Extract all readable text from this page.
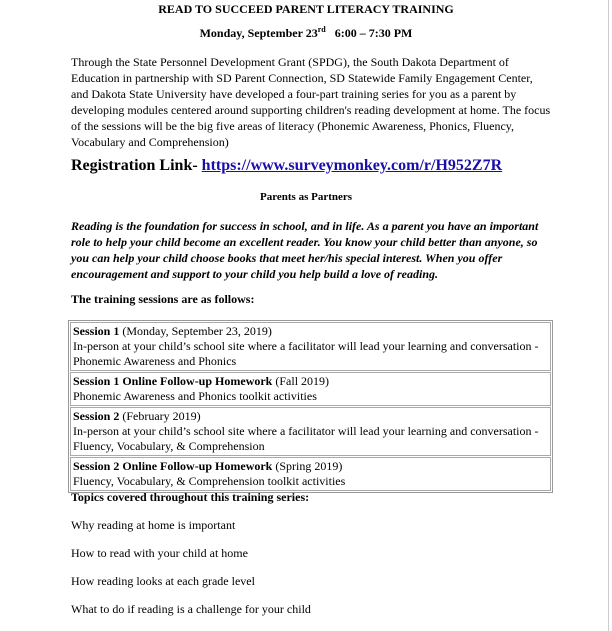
READ TO SUCCEED PARENT LITERACY TRAINING
Monday, September 23rd 6:00 – 7:30 PM
Through the State Personnel Development Grant (SPDG), the South Dakota Department of Education in partnership with SD Parent Connection, SD Statewide Family Engagement Center, and Dakota State University have developed a four-part training series for you as a parent by developing modules centered around supporting children's reading development at home. The focus of the sessions will be the big five areas of literacy (Phonemic Awareness, Phonics, Fluency, Vocabulary and Comprehension)
Registration Link- https://www.surveymonkey.com/r/H952Z7R
Parents as Partners
Reading is the foundation for success in school, and in life. As a parent you have an important role to help your child become an excellent reader. You know your child better than anyone, so you can help your child choose books that meet her/his special interest. When you offer encouragement and support to your child you help build a love of reading.
The training sessions are as follows:
Session 1 (Monday, September 23, 2019)
In-person at your child’s school site where a facilitator will lead your learning and conversation - Phonemic Awareness and Phonics
Session 1 Online Follow-up Homework (Fall 2019)
Phonemic Awareness and Phonics toolkit activities
Session 2 (February 2019)
In-person at your child’s school site where a facilitator will lead your learning and conversation - Fluency, Vocabulary, & Comprehension
Session 2 Online Follow-up Homework (Spring 2019)
Fluency, Vocabulary, & Comprehension toolkit activities
Topics covered throughout this training series:
Why reading at home is important
How to read with your child at home
How reading looks at each grade level
What to do if reading is a challenge for your child
